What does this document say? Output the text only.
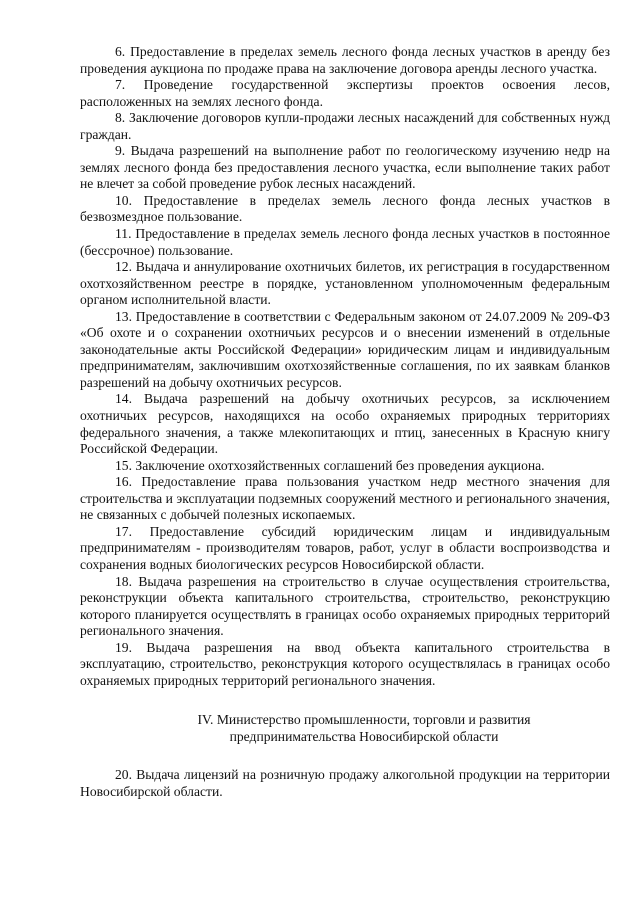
6. Предоставление в пределах земель лесного фонда лесных участков в аренду без проведения аукциона по продаже права на заключение договора аренды лесного участка.

7. Проведение государственной экспертизы проектов освоения лесов, расположенных на землях лесного фонда.

8. Заключение договоров купли-продажи лесных насаждений для собственных нужд граждан.

9. Выдача разрешений на выполнение работ по геологическому изучению недр на землях лесного фонда без предоставления лесного участка, если выполнение таких работ не влечет за собой проведение рубок лесных насаждений.

10. Предоставление в пределах земель лесного фонда лесных участков в безвозмездное пользование.

11. Предоставление в пределах земель лесного фонда лесных участков в постоянное (бессрочное) пользование.

12. Выдача и аннулирование охотничьих билетов, их регистрация в государственном охотхозяйственном реестре в порядке, установленном уполномоченным федеральным органом исполнительной власти.

13. Предоставление в соответствии с Федеральным законом от 24.07.2009 № 209-ФЗ «Об охоте и о сохранении охотничьих ресурсов и о внесении изменений в отдельные законодательные акты Российской Федерации» юридическим лицам и индивидуальным предпринимателям, заключившим охотхозяйственные соглашения, по их заявкам бланков разрешений на добычу охотничьих ресурсов.

14. Выдача разрешений на добычу охотничьих ресурсов, за исключением охотничьих ресурсов, находящихся на особо охраняемых природных территориях федерального значения, а также млекопитающих и птиц, занесенных в Красную книгу Российской Федерации.

15. Заключение охотхозяйственных соглашений без проведения аукциона.

16. Предоставление права пользования участком недр местного значения для строительства и эксплуатации подземных сооружений местного и регионального значения, не связанных с добычей полезных ископаемых.

17. Предоставление субсидий юридическим лицам и индивидуальным предпринимателям - производителям товаров, работ, услуг в области воспроизводства и сохранения водных биологических ресурсов Новосибирской области.

18. Выдача разрешения на строительство в случае осуществления строительства, реконструкции объекта капитального строительства, строительство, реконструкцию которого планируется осуществлять в границах особо охраняемых природных территорий регионального значения.

19. Выдача разрешения на ввод объекта капитального строительства в эксплуатацию, строительство, реконструкция которого осуществлялась в границах особо охраняемых природных территорий регионального значения.

IV. Министерство промышленности, торговли и развития
предпринимательства Новосибирской области

20. Выдача лицензий на розничную продажу алкогольной продукции на территории Новосибирской области.
